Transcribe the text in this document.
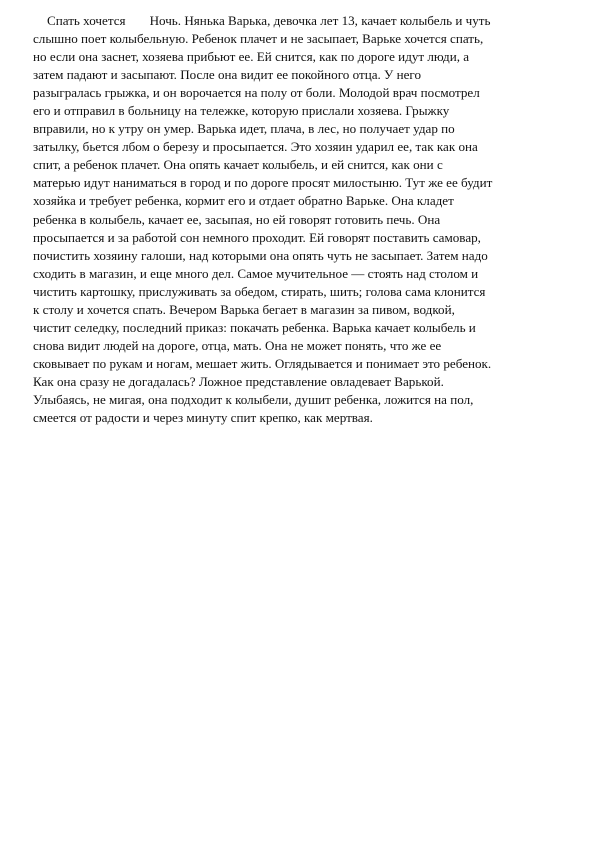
Спать хочется Ночь. Нянька Варька, девочка лет 13, качает колыбель и чуть
слышно поет колыбельную. Ребенок плачет и не засыпает, Варьке хочется спать,
но если она заснет, хозяева прибьют ее. Ей снится, как по дороге идут люди, а
затем падают и засыпают. После она видит ее покойного отца. У него
разыгралась грыжка, и он ворочается на полу от боли. Молодой врач посмотрел
его и отправил в больницу на тележке, которую прислали хозяева. Грыжку
вправили, но к утру он умер. Варька идет, плача, в лес, но получает удар по
затылку, бьется лбом о березу и просыпается. Это хозяин ударил ее, так как она
спит, а ребенок плачет. Она опять качает колыбель, и ей снится, как они с
матерью идут наниматься в город и по дороге просят милостыню. Тут же ее будит
хозяйка и требует ребенка, кормит его и отдает обратно Варьке. Она кладет
ребенка в колыбель, качает ее, засыпая, но ей говорят готовить печь. Она
просыпается и за работой сон немного проходит. Ей говорят поставить самовар,
почистить хозяину галоши, над которыми она опять чуть не засыпает. Затем надо
сходить в магазин, и еще много дел. Самое мучительное — стоять над столом и
чистить картошку, прислуживать за обедом, стирать, шить; голова сама клонится
к столу и хочется спать. Вечером Варька бегает в магазин за пивом, водкой,
чистит селедку, последний приказ: покачать ребенка. Варька качает колыбель и
снова видит людей на дороге, отца, мать. Она не может понять, что же ее
сковывает по рукам и ногам, мешает жить. Оглядывается и понимает это ребенок.
Как она сразу не догадалась? Ложное представление овладевает Варькой.
Улыбаясь, не мигая, она подходит к колыбели, душит ребенка, ложится на пол,
смеется от радости и через минуту спит крепко, как мертвая.
